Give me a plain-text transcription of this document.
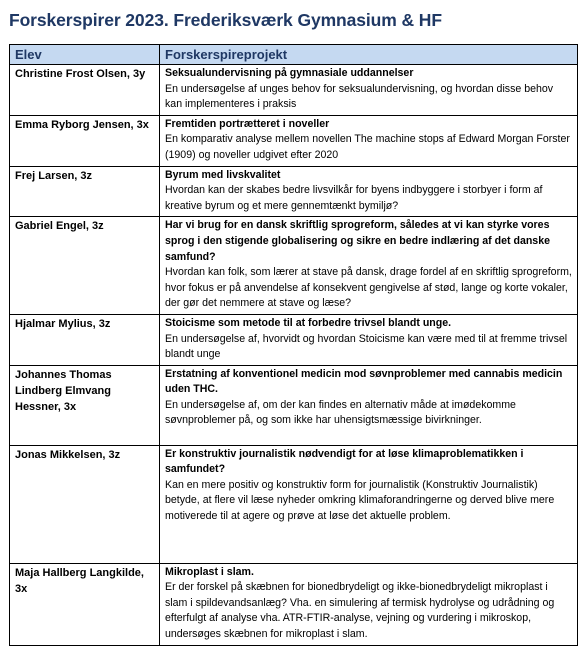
Forskerspirer 2023. Frederiksværk Gymnasium & HF
Elev	Forskerspireprojekt
Christine Frost Olsen, 3y	Seksualundervisning på gymnasiale uddannelser
En undersøgelse af unges behov for seksualundervisning, og hvordan disse behov kan implementeres i praksis

Emma Ryborg Jensen, 3x	Fremtiden portrætteret i noveller
En komparativ analyse mellem novellen The machine stops af Edward Morgan Forster (1909) og noveller udgivet efter 2020

Frej Larsen, 3z	Byrum med livskvalitet
Hvordan kan der skabes bedre livsvilkår for byens indbyggere i storbyer i form af kreative byrum og et mere gennemtænkt bymiljø?

Gabriel Engel, 3z	Har vi brug for en dansk skriftlig sprogreform, således at vi kan styrke vores sprog i den stigende globalisering og sikre en bedre indlæring af det danske samfund?
Hvordan kan folk, som lærer at stave på dansk, drage fordel af en skriftlig sprogreform, hvor fokus er på anvendelse af konsekvent gengivelse af stød, lange og korte vokaler, der gør det nemmere at stave og læse?

Hjalmar Mylius, 3z	Stoicisme som metode til at forbedre trivsel blandt unge.
En undersøgelse af, hvorvidt og hvordan Stoicisme kan være med til at fremme trivsel blandt unge

Johannes Thomas Lindberg Elmvang Hessner, 3x	Erstatning af konventionel medicin mod søvnproblemer med cannabis medicin uden THC.
En undersøgelse af, om der kan findes en alternativ måde at imødekomme søvnproblemer på, og som ikke har uhensigtsmæssige bivirkninger.

Jonas Mikkelsen, 3z	Er konstruktiv journalistik nødvendigt for at løse klimaproblematikken i samfundet?
Kan en mere positiv og konstruktiv form for journalistik (Konstruktiv Journalistik) betyde, at flere vil læse nyheder omkring klimaforandringerne og derved blive mere motiverede til at agere og prøve at løse det aktuelle problem.

Maja Hallberg Langkilde, 3x	Mikroplast i slam.
Er der forskel på skæbnen for bionedbrydeligt og ikke-bionedbrydeligt mikroplast i slam i spildevandsanlæg? Vha. en simulering af termisk hydrolyse og udrådning og efterfulgt af analyse vha. ATR-FTIR-analyse, vejning og vurdering i mikroskop, undersøges skæbnen for mikroplast i slam.
